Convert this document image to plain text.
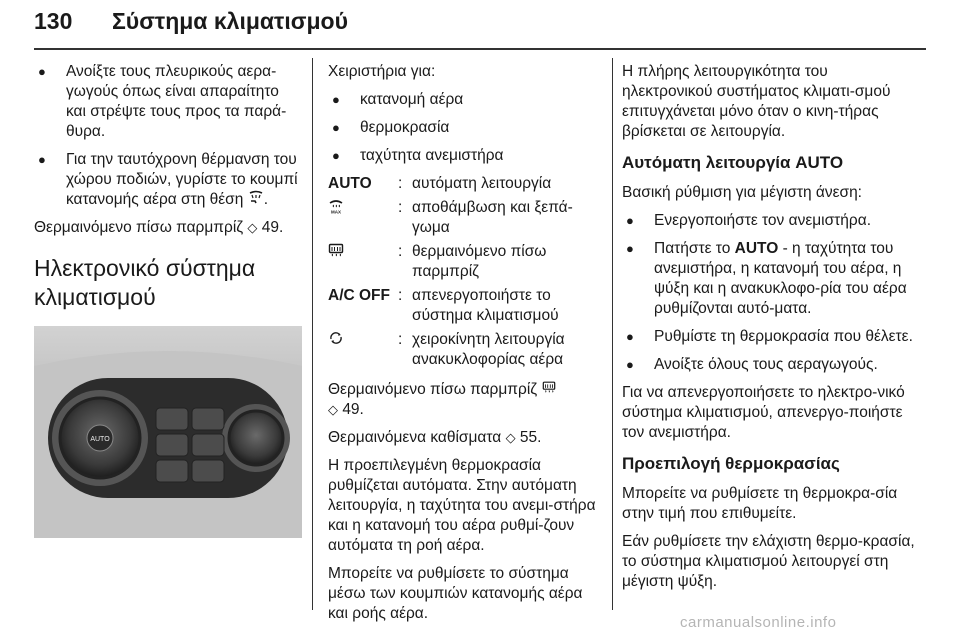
130	Σύστημα κλιματισμού
● Ανοίξτε τους πλευρικούς αερα-γωγούς όπως είναι απαραίτητο και στρέψτε τους προς τα παρά-θυρα.
● Για την ταυτόχρονη θέρμανση του χώρου ποδιών, γυρίστε το κουμπί κατανομής αέρα στη θέση .

Θερμαινόμενο πίσω παρμπρίζ ◇ 49.

Ηλεκτρονικό σύστημα κλιματισμού
AUTO

Χειριστήρια για:

● κατανομή αέρα
● θερμοκρασία
● ταχύτητα ανεμιστήρα
AUTO	: αυτόματη λειτουργία
MAX	: αποθάμβωση και ξεπά-γωμα
: θερμαινόμενο πίσω παρμπρίζ
A/C OFF : απενεργοποιήστε το σύστημα κλιματισμού
: χειροκίνητη λειτουργία ανακυκλοφορίας αέρα

Θερμαινόμενο πίσω παρμπρίζ
◇ 49.

Θερμαινόμενα καθίσματα ◇ 55.

Η προεπιλεγμένη θερμοκρασία ρυθμίζεται αυτόματα. Στην αυτόματη λειτουργία, η ταχύτητα του ανεμι-στήρα και η κατανομή του αέρα ρυθμί-ζουν αυτόματα τη ροή αέρα.

Μπορείτε να ρυθμίσετε το σύστημα μέσω των κουμπιών κατανομής αέρα και ροής αέρα.

Η πλήρης λειτουργικότητα του ηλεκτρονικού συστήματος κλιματι-σμού επιτυγχάνεται μόνο όταν ο κινη-τήρας βρίσκεται σε λειτουργία.

Αυτόματη λειτουργία AUTO

Βασική ρύθμιση για μέγιστη άνεση:

● Ενεργοποιήστε τον ανεμιστήρα.
● Πατήστε το AUTO - η ταχύτητα του ανεμιστήρα, η κατανομή του αέρα, η ψύξη και η ανακυκλοφο-ρία του αέρα ρυθμίζονται αυτό-ματα.
● Ρυθμίστε τη θερμοκρασία που θέλετε.
● Ανοίξτε όλους τους αεραγωγούς.

Για να απενεργοποιήσετε το ηλεκτρο-νικό σύστημα κλιματισμού, απενεργο-ποιήστε τον ανεμιστήρα.

Προεπιλογή θερμοκρασίας

Μπορείτε να ρυθμίσετε τη θερμοκρα-σία στην τιμή που επιθυμείτε.

Εάν ρυθμίσετε την ελάχιστη θερμο-κρασία, το σύστημα κλιματισμού λειτουργεί στη μέγιστη ψύξη.

carmanualsonline.info
